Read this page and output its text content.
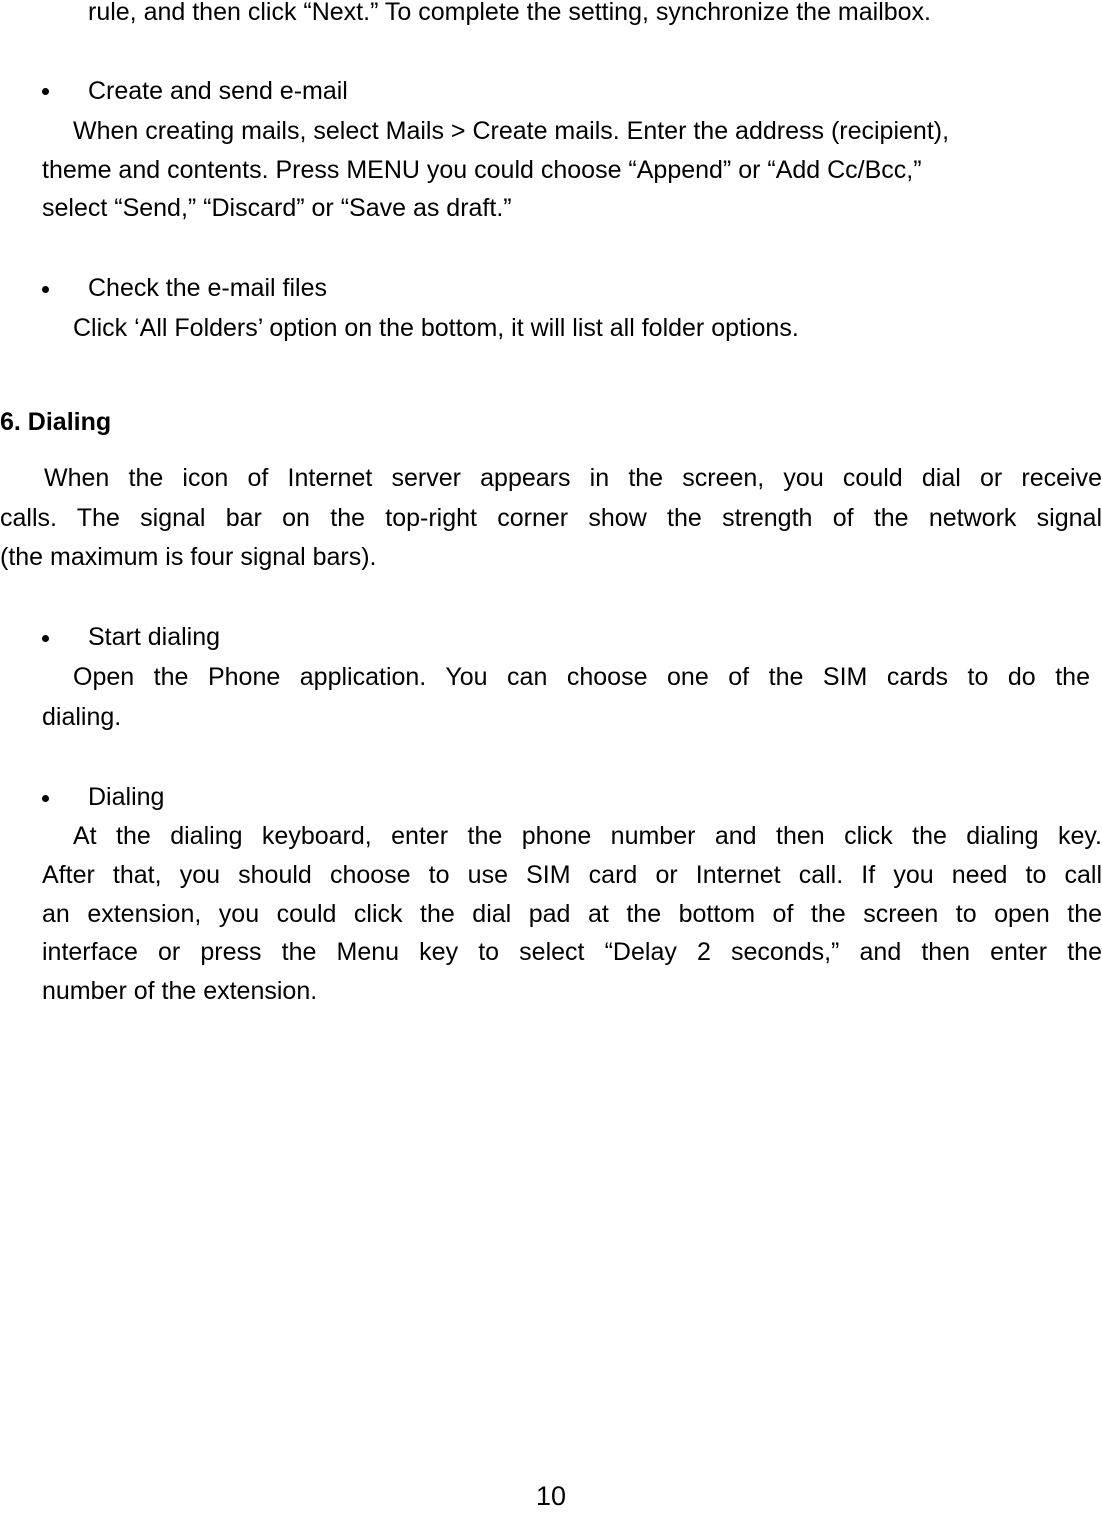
rule, and then click “Next.” To complete the setting, synchronize the mailbox.
Create and send e-mail
When creating mails, select Mails > Create mails. Enter the address (recipient),
theme and contents. Press MENU you could choose “Append” or “Add Cc/Bcc,”
select “Send,” “Discard” or “Save as draft.”
Check the e-mail files
Click ‘All Folders’ option on the bottom, it will list all folder options.
6. Dialing
When the icon of Internet server appears in the screen, you could dial or receive
calls. The signal bar on the top-right corner show the strength of the network signal
(the maximum is four signal bars).
Start dialing
Open the Phone application. You can choose one of the SIM cards to do the
dialing.
Dialing
At the dialing keyboard, enter the phone number and then click the dialing key.
After that, you should choose to use SIM card or Internet call. If you need to call
an extension, you could click the dial pad at the bottom of the screen to open the
interface or press the Menu key to select “Delay 2 seconds,” and then enter the
number of the extension.
10
